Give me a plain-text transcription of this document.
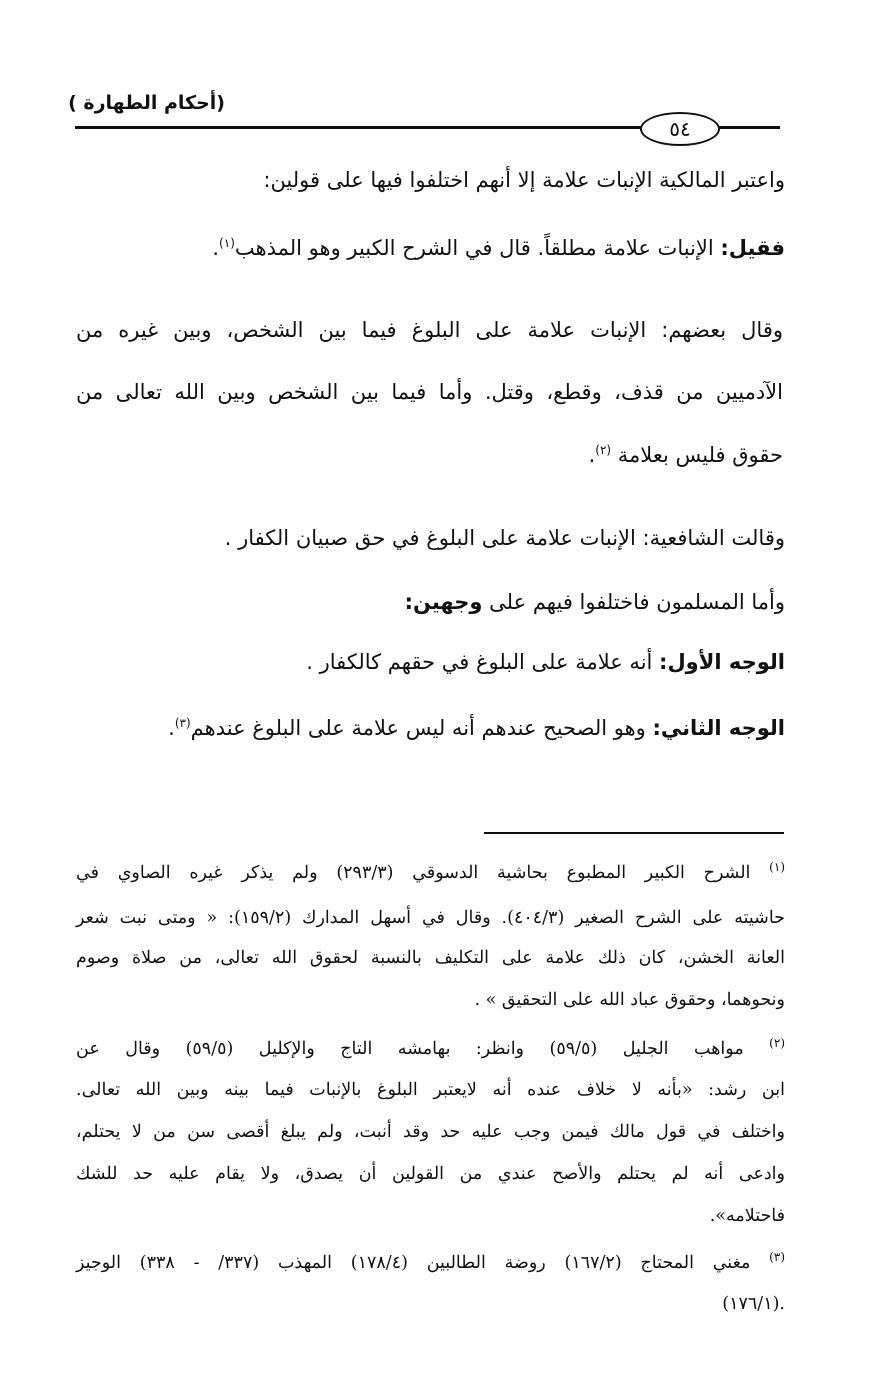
(أحكام الطهارة )
٥٤
واعتبر المالكية الإنبات علامة إلا أنهم اختلفوا فيها على قولين:
فقيل: الإنبات علامة مطلقاً. قال في الشرح الكبير وهو المذهب$^{(١)}$.
وقال بعضهم: الإنبات علامة على البلوغ فيما بين الشخص، وبين غيره من
الآدميين من قذف، وقطع، وقتل. وأما فيما بين الشخص وبين الله تعالى من
حقوق فليس بعلامة $^{(٢)}$.
وقالت الشافعية: الإنبات علامة على البلوغ في حق صبيان الكفار .
وأما المسلمون فاختلفوا فيهم على وجهين:
الوجه الأول: أنه علامة على البلوغ في حقهم كالكفار .
الوجه الثاني: وهو الصحيح عندهم أنه ليس علامة على البلوغ عندهم$^{(٣)}$.
$^{(١)}$ الشرح الكبير المطبوع بحاشية الدسوقي (٢٩٣/٣) ولم يذكر غيره الصاوي في
حاشيته على الشرح الصغير (٤٠٤/٣). وقال في أسهل المدارك (١٥٩/٢): « ومتى نبت شعر
العانة الخشن، كان ذلك علامة على التكليف بالنسبة لحقوق الله تعالى، من صلاة وصوم
ونحوهما، وحقوق عباد الله على التحقيق » .
$^{(٢)}$ مواهب الجليل (٥٩/٥) وانظر: بهامشه التاج والإكليل (٥٩/٥) وقال عن
ابن رشد: «بأنه لا خلاف عنده أنه لايعتبر البلوغ بالإنبات فيما بينه وبين الله تعالى.
واختلف في قول مالك فيمن وجب عليه حد وقد أنبت، ولم يبلغ أقصى سن من لا يحتلم،
وادعى أنه لم يحتلم والأصح عندي من القولين أن يصدق، ولا يقام عليه حد للشك
فاحتلامه».
$^{(٣)}$ مغني المحتاج (١٦٧/٢) روضة الطالبين (١٧٨/٤) المهذب (٣٣٧/ - ٣٣٨) الوجيز
.(١٧٦/١)
